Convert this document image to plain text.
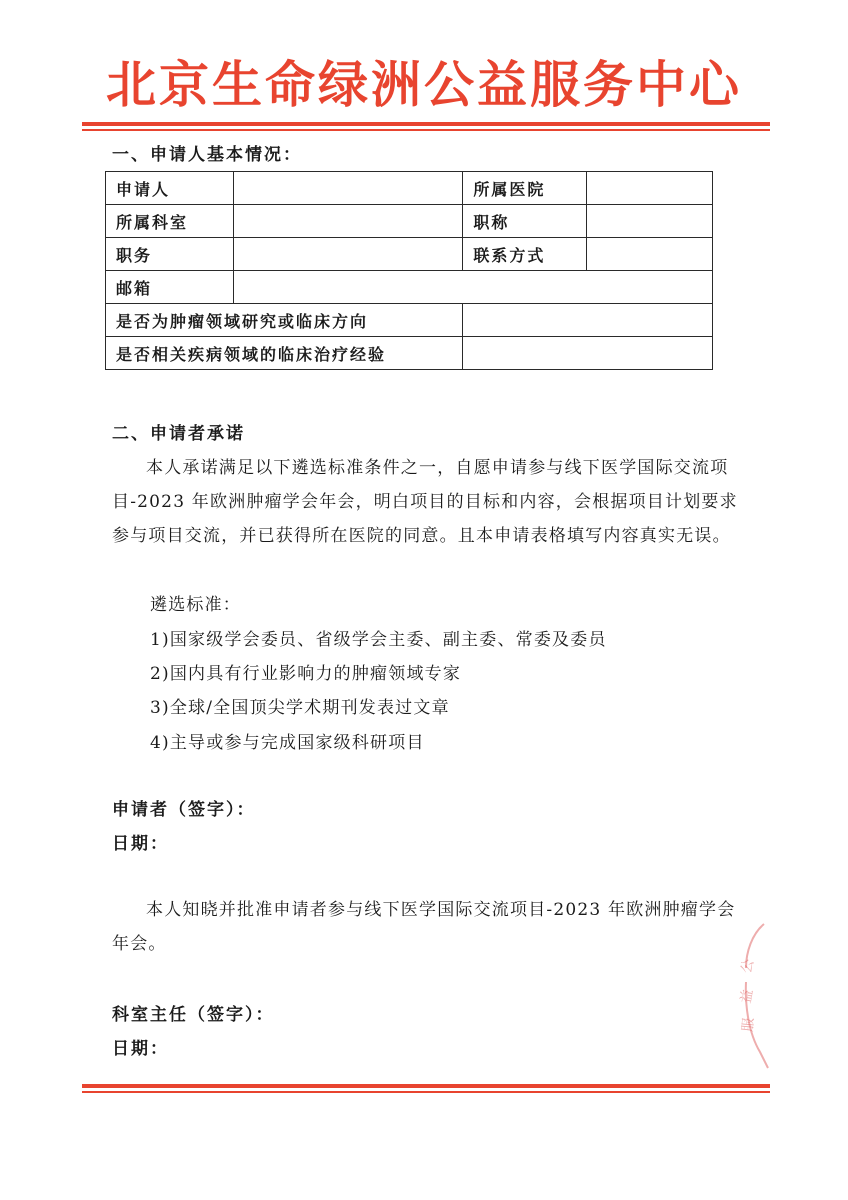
北京生命绿洲公益服务中心
一、申请人基本情况：
申请人		所属医院	
所属科室		职称	
职务		联系方式	
邮箱			
是否为肿瘤领域研究或临床方向			
是否相关疾病领域的临床治疗经验			
二、申请者承诺

本人承诺满足以下遴选标准条件之一，自愿申请参与线下医学国际交流项目-2023 年欧洲肿瘤学会年会，明白项目的目标和内容，会根据项目计划要求参与项目交流，并已获得所在医院的同意。且本申请表格填写内容真实无误。

遴选标准：
1)国家级学会委员、省级学会主委、副主委、常委及委员
2)国内具有行业影响力的肿瘤领域专家
3)全球/全国顶尖学术期刊发表过文章
4)主导或参与完成国家级科研项目
申请者（签字）：
日期：

本人知晓并批准申请者参与线下医学国际交流项目-2023 年欧洲肿瘤学会年会。

科室主任（签字）：
日期：
公
益
服
